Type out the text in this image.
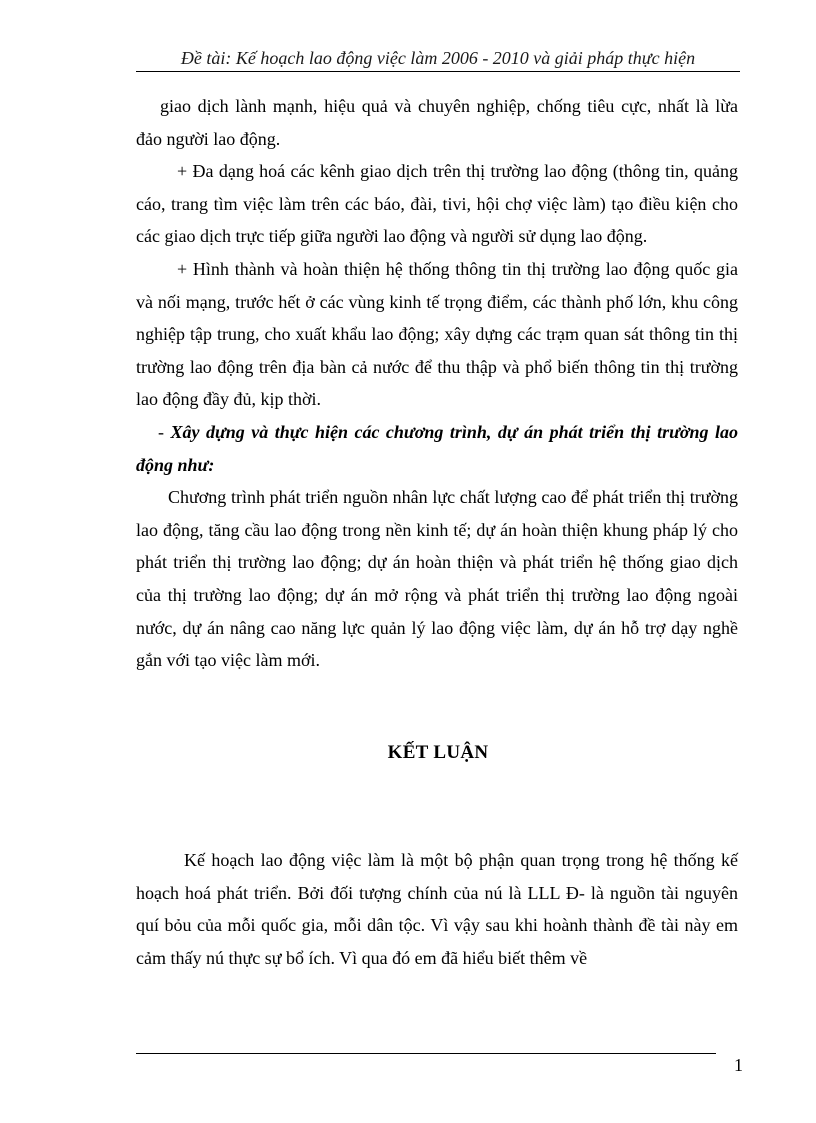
Đề tài: Kế hoạch lao động việc làm 2006 - 2010 và giải pháp thực hiện

giao dịch lành mạnh, hiệu quả và chuyên nghiệp, chống tiêu cực, nhất là lừa đảo người lao động.

+ Đa dạng hoá các kênh giao dịch trên thị trường lao động (thông tin, quảng cáo, trang tìm việc làm trên các báo, đài, tivi, hội chợ việc làm) tạo điều kiện cho các giao dịch trực tiếp giữa người lao động và người sử dụng lao động.

+ Hình thành và hoàn thiện hệ thống thông tin thị trường lao động quốc gia và nối mạng, trước hết ở các vùng kinh tế trọng điểm, các thành phố lớn, khu công nghiệp tập trung, cho xuất khẩu lao động; xây dựng các trạm quan sát thông tin thị trường lao động trên địa bàn cả nước để thu thập và phổ biến thông tin thị trường lao động đầy đủ, kịp thời.

- Xây dựng và thực hiện các chương trình, dự án phát triển thị trường lao động như:

Chương trình phát triển nguồn nhân lực chất lượng cao để phát triển thị trường lao động, tăng cầu lao động trong nền kinh tế; dự án hoàn thiện khung pháp lý cho phát triển thị trường lao động; dự án hoàn thiện và phát triển hệ thống giao dịch của thị trường lao động; dự án mở rộng và phát triển thị trường lao động ngoài nước, dự án nâng cao năng lực quản lý lao động việc làm, dự án hỗ trợ dạy nghề gắn với tạo việc làm mới.

KẾT LUẬN

Kế hoạch lao động việc làm là một bộ phận quan trọng trong hệ thống kế hoạch hoá phát triển. Bởi đối tượng chính của nú là LLL Đ- là nguồn tài nguyên quí bỏu của mỗi quốc gia, mỗi dân tộc. Vì vậy sau khi hoành thành đề tài này em cảm thấy nú thực sự bổ ích. Vì qua đó em đã hiểu biết thêm về

1
